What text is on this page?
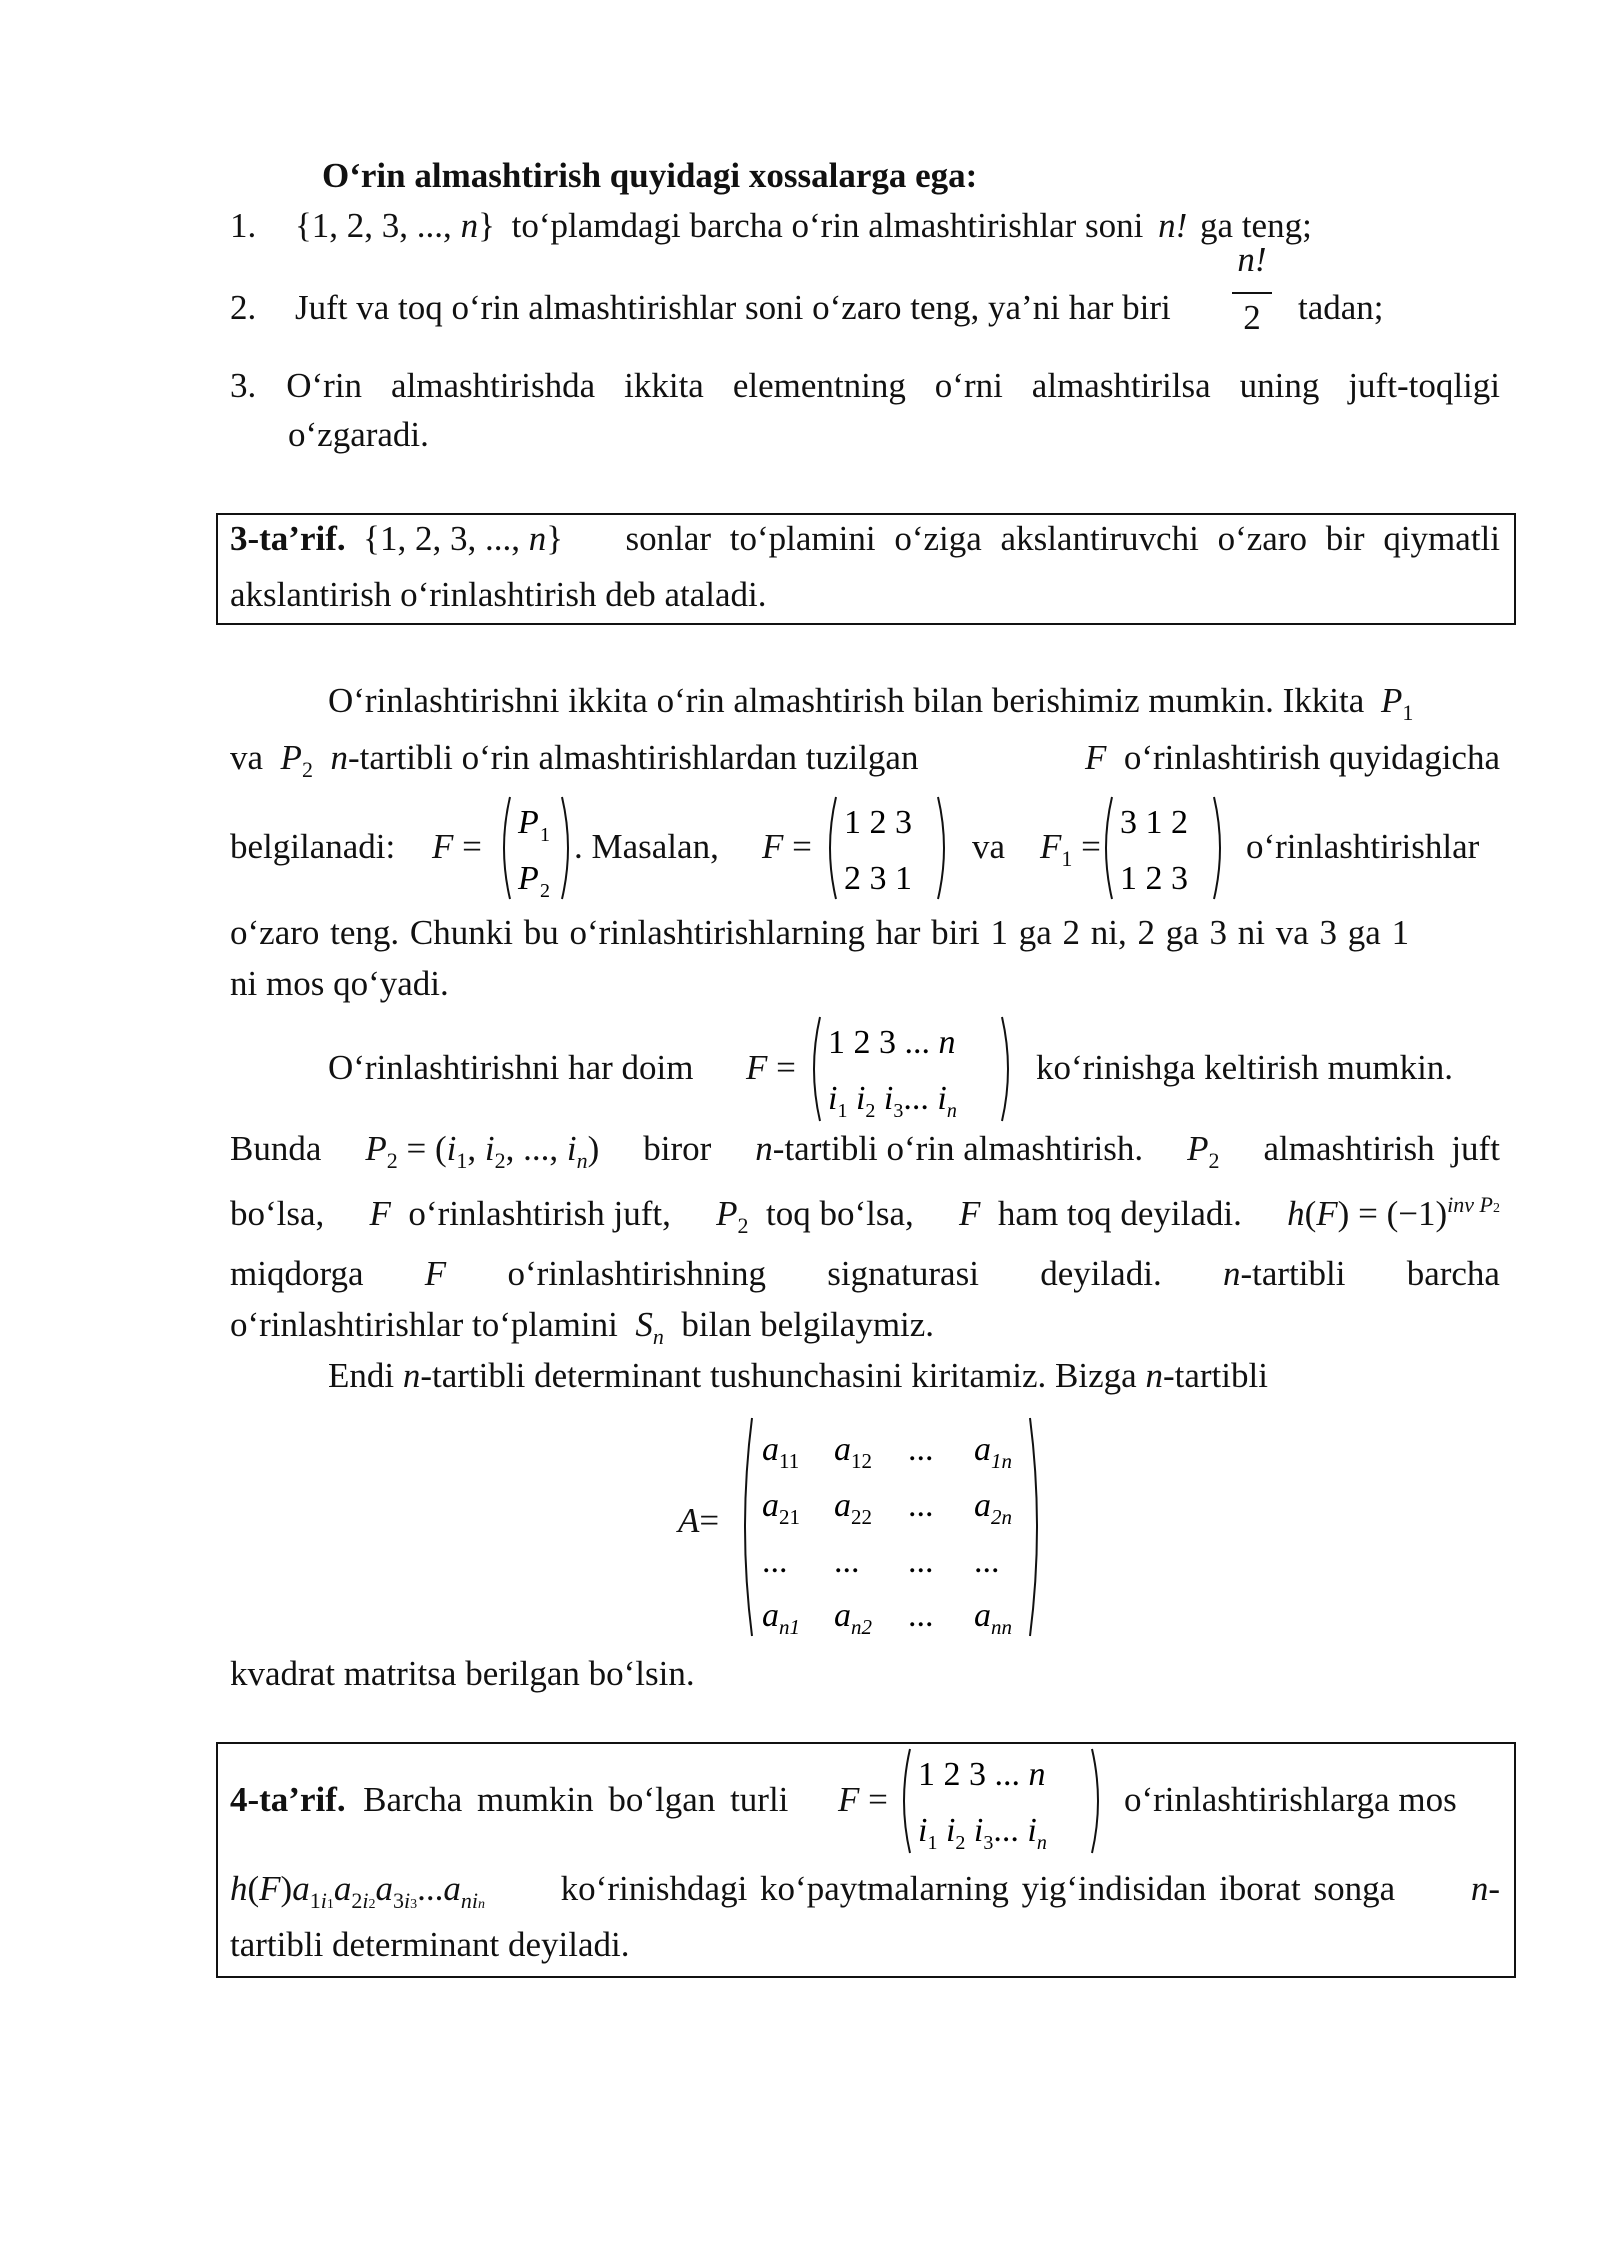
O‘rin almashtirish quyidagi xossalarga ega:
1. {1, 2, 3, ..., n} to‘plamdagi barcha o‘rin almashtirishlar soni n! ga teng;
2. Juft va toq o‘rin almashtirishlar soni o‘zaro teng, ya’ni har biri
n!
2	tadan;
3. O‘rin almashtirishda ikkita elementning o‘rni almashtirilsa uning juft-toqligi
o‘zgaradi.
3-ta’rif. {1, 2, 3, ..., n} sonlar to‘plamini o‘ziga akslantiruvchi o‘zaro bir qiymatli
akslantirish o‘rinlashtirish deb ataladi.
O‘rinlashtirishni ikkita o‘rin almashtirish bilan berishimiz mumkin. Ikkita $P_1$
va $P_2$ n-tartibli o‘rin almashtirishlardan tuzilgan	F o‘rinlashtirish quyidagicha
belgilanadi: F =
P 1
P 2
. Masalan, F =
1 2 3
2 3 1
va $F_1$ =
3 1 2
1 2 3
o‘rinlashtirishlar
o‘zaro teng. Chunki bu o‘rinlashtirishlarning har biri 1 ga 2 ni, 2 ga 3 ni va 3 ga 1
ni mos qo‘yadi.
O‘rinlashtirishni har doim F =
1 2 3 ... n
$i_1$ $i_2$ $i_3$... $i_n$
ko‘rinishga keltirish mumkin.
Bunda $P_2 = (i_1$, $i_2$, ..., $i_n$) biror n-tartibli o‘rin almashtirish. $P_2$ almashtirish juft
bo‘lsa, F o‘rinlashtirish juft, $P_2$ toq bo‘lsa, F ham toq deyiladi. $h(F) = (-1)^{inv P2}$
miqdorga F o‘rinlashtirishning signaturasi deyiladi. n-tartibli barcha
o‘rinlashtirishlar to‘plamini $S_n$ bilan belgilaymiz.
Endi n-tartibli determinant tushunchasini kiritamiz. Bizga n-tartibli
A=
$a_{11}$ $a_{12}$ ... $a_{1n}$
$a_{21}$ $a_{22}$ ... $a_{2n}$
... ... ... ...
$a_{n1}$ $a_{n2}$ ... $a_{nn}$
kvadrat matritsa berilgan bo‘lsin.
4-ta’rif. Barcha mumkin bo‘lgan turli F =
1 2 3 ... n
$i_1$ $i_2$ $i_3$... $i_n$
o‘rinlashtirishlarga mos
$h(F)a_{1i1}a_{2i2}a_{3i3}...a_{nin}$ ko‘rinishdagi ko‘paytmalarning yig‘indisidan iborat songa n-
tartibli determinant deyiladi.
